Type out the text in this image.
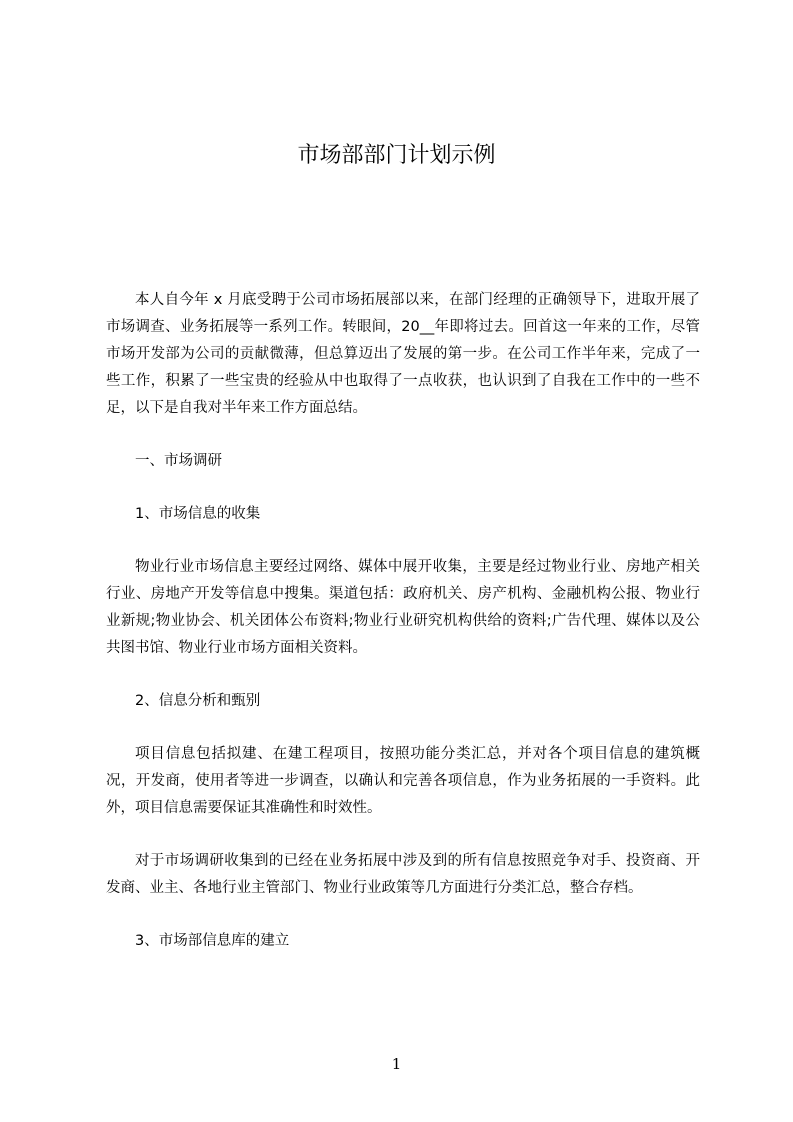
市场部部门计划示例

本人自今年 x 月底受聘于公司市场拓展部以来，在部门经理的正确领导下，进取开展了市场调查、业务拓展等一系列工作。转眼间，20__年即将过去。回首这一年来的工作，尽管市场开发部为公司的贡献微薄，但总算迈出了发展的第一步。在公司工作半年来，完成了一些工作，积累了一些宝贵的经验从中也取得了一点收获，也认识到了自我在工作中的一些不足，以下是自我对半年来工作方面总结。

一、市场调研

1、市场信息的收集

物业行业市场信息主要经过网络、媒体中展开收集，主要是经过物业行业、房地产相关行业、房地产开发等信息中搜集。渠道包括：政府机关、房产机构、金融机构公报、物业行业新规;物业协会、机关团体公布资料;物业行业研究机构供给的资料;广告代理、媒体以及公共图书馆、物业行业市场方面相关资料。

2、信息分析和甄别

项目信息包括拟建、在建工程项目，按照功能分类汇总，并对各个项目信息的建筑概况，开发商，使用者等进一步调查，以确认和完善各项信息，作为业务拓展的一手资料。此外，项目信息需要保证其准确性和时效性。

对于市场调研收集到的已经在业务拓展中涉及到的所有信息按照竞争对手、投资商、开发商、业主、各地行业主管部门、物业行业政策等几方面进行分类汇总，整合存档。

3、市场部信息库的建立

1
